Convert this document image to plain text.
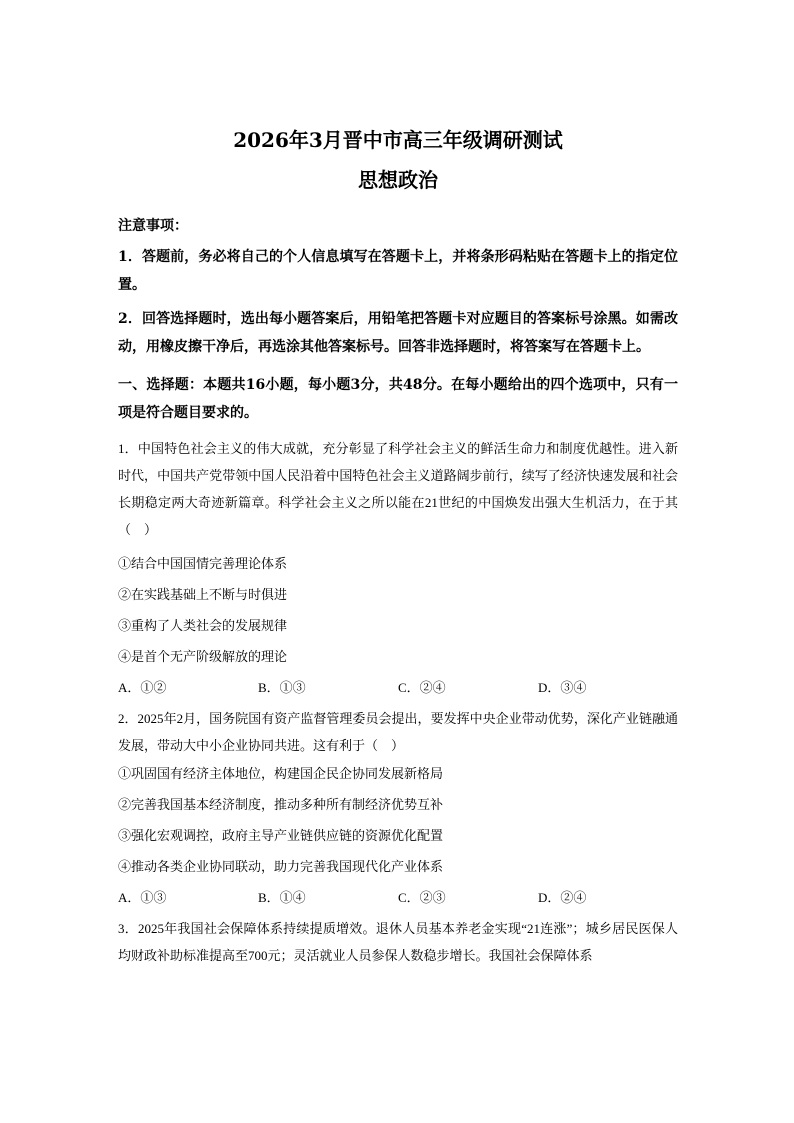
2026年3月晋中市高三年级调研测试
思想政治

注意事项：

1．答题前，务必将自己的个人信息填写在答题卡上，并将条形码粘贴在答题卡上的指定位置。

2．回答选择题时，选出每小题答案后，用铅笔把答题卡对应题目的答案标号涂黑。如需改动，用橡皮擦干净后，再选涂其他答案标号。回答非选择题时，将答案写在答题卡上。

一、选择题：本题共16小题，每小题3分，共48分。在每小题给出的四个选项中，只有一项是符合题目要求的。

1．中国特色社会主义的伟大成就，充分彰显了科学社会主义的鲜活生命力和制度优越性。进入新时代，中国共产党带领中国人民沿着中国特色社会主义道路阔步前行，续写了经济快速发展和社会长期稳定两大奇迹新篇章。科学社会主义之所以能在21世纪的中国焕发出强大生机活力，在于其（　）

①结合中国国情完善理论体系

②在实践基础上不断与时俱进

③重构了人类社会的发展规律

④是首个无产阶级解放的理论

A．①②	B．①③	C．②④	D．③④

2．2025年2月，国务院国有资产监督管理委员会提出，要发挥中央企业带动优势，深化产业链融通发展，带动大中小企业协同共进。这有利于（　）

①巩固国有经济主体地位，构建国企民企协同发展新格局

②完善我国基本经济制度，推动多种所有制经济优势互补

③强化宏观调控，政府主导产业链供应链的资源优化配置

④推动各类企业协同联动，助力完善我国现代化产业体系

A．①③	B．①④	C．②③	D．②④

3．2025年我国社会保障体系持续提质增效。退休人员基本养老金实现“21连涨”；城乡居民医保人均财政补助标准提高至700元；灵活就业人员参保人数稳步增长。我国社会保障体系
